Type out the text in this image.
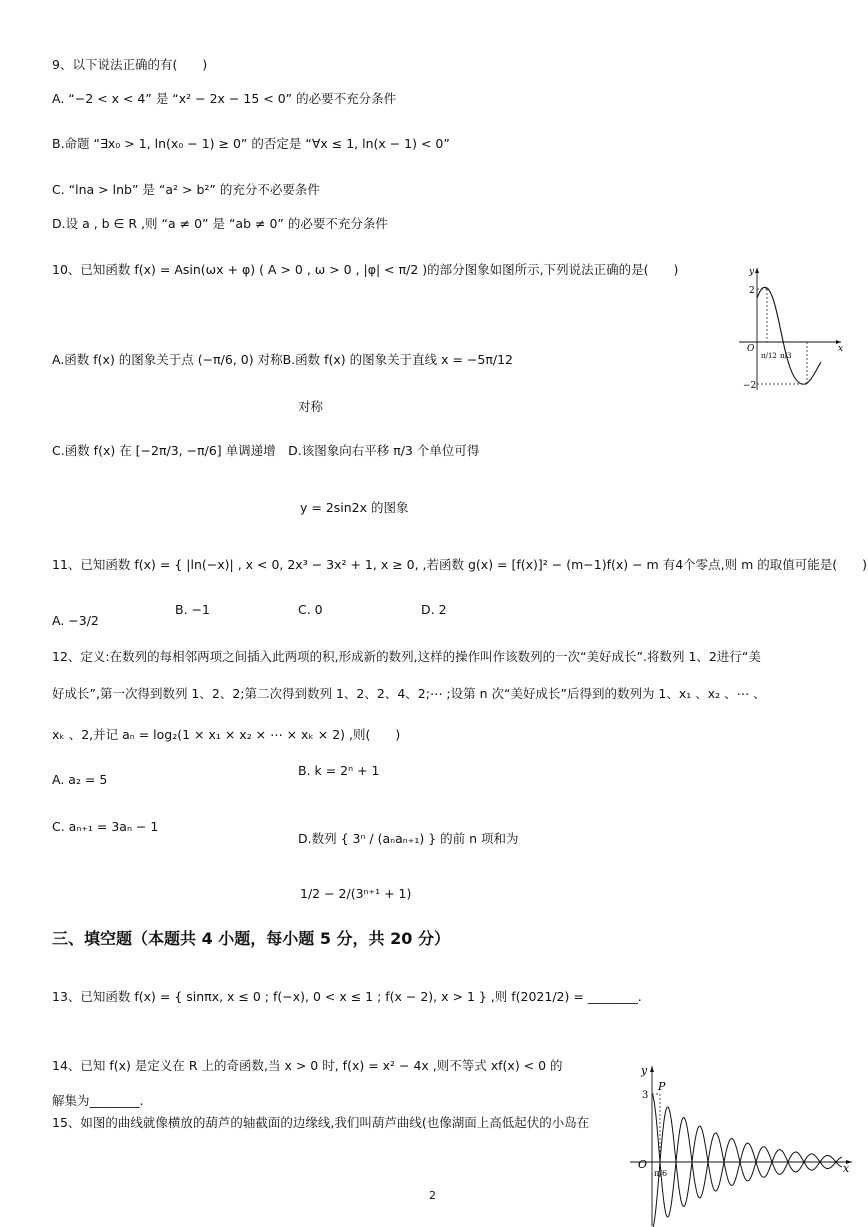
9、以下说法正确的有(　　)
A. “−2 < x < 4” 是 “x² − 2x − 15 < 0” 的必要不充分条件
B.命题 “∃x₀ > 1, ln(x₀ − 1) ≥ 0” 的否定是 “∀x ≤ 1, ln(x − 1) < 0”
C. “lna > lnb” 是 “a² > b²” 的充分不必要条件
D.设 a , b ∈ R ,则 “a ≠ 0” 是 “ab ≠ 0” 的必要不充分条件
10、已知函数 f(x) = Asin(ωx + φ) ( A > 0 , ω > 0 , |φ| < π/2 )的部分图象如图所示,下列说法正确的是(　　)
A.函数 f(x) 的图象关于点 (−π/6, 0) 对称B.函数 f(x) 的图象关于直线 x = −5π/12
对称
C.函数 f(x) 在 [−2π/3, −π/6] 单调递增　D.该图象向右平移 π/3 个单位可得
y = 2sin2x 的图象
y
x
O
2
−2
π/12 π/3
11、已知函数 f(x) = { |ln(−x)| , x < 0, 2x³ − 3x² + 1, x ≥ 0, ,若函数 g(x) = [f(x)]² − (m−1)f(x) − m 有4个零点,则 m 的取值可能是(　　)
A. −3/2
B. −1	C. 0	D. 2
12、定义:在数列的每相邻两项之间插入此两项的积,形成新的数列,这样的操作叫作该数列的一次“美好成长”.将数列 1、2进行“美
好成长”,第一次得到数列 1、2、2;第二次得到数列 1、2、2、4、2;⋯ ;设第 n 次“美好成长”后得到的数列为 1、x₁ 、x₂ 、⋯ 、
xₖ 、2,并记 aₙ = log₂(1 × x₁ × x₂ × ⋯ × xₖ × 2) ,则(　　)
A. a₂ = 5
B. k = 2ⁿ + 1
C. aₙ₊₁ = 3aₙ − 1
D.数列 { 3ⁿ / (aₙaₙ₊₁) } 的前 n 项和为
1/2 − 2/(3ⁿ⁺¹ + 1)
三、填空题（本题共 4 小题，每小题 5 分，共 20 分）
13、已知函数 f(x) = { sinπx, x ≤ 0 ; f(−x), 0 < x ≤ 1 ; f(x − 2), x > 1 } ,则 f(2021/2) = ________.
14、已知 f(x) 是定义在 R 上的奇函数,当 x > 0 时, f(x) = x² − 4x ,则不等式 xf(x) < 0 的
解集为________.
15、如图的曲线就像横放的葫芦的轴截面的边缘线,我们叫葫芦曲线(也像湖面上高低起伏的小岛在
y
x
O
P
3
π/6
2
